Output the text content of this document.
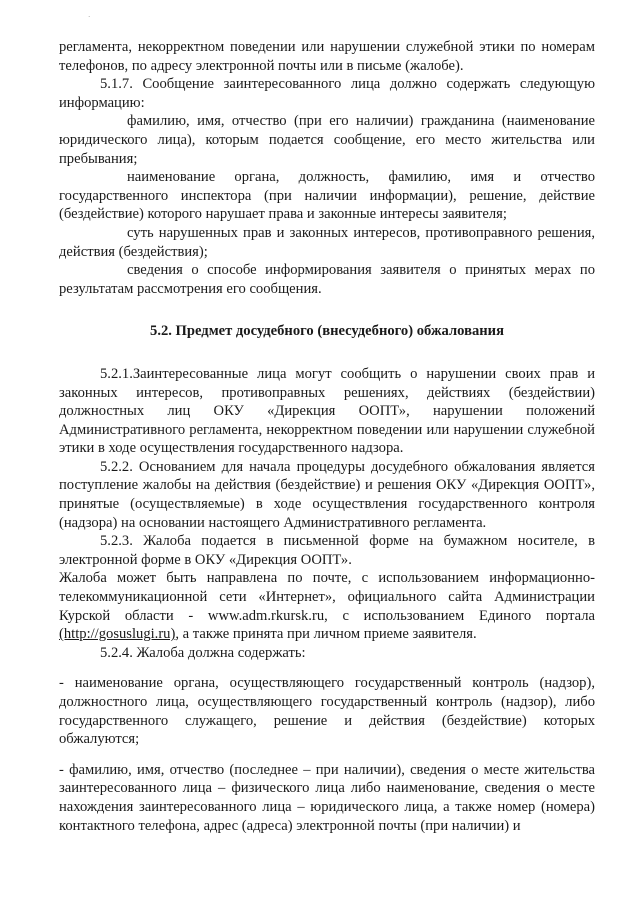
·

регламента, некорректном поведении или нарушении служебной этики по номерам телефонов, по адресу электронной почты или в письме (жалобе).

5.1.7. Сообщение заинтересованного лица должно содержать следующую информацию:

фамилию, имя, отчество (при его наличии) гражданина (наименование юридического лица), которым подается сообщение, его место жительства или пребывания;

наименование органа, должность, фамилию, имя и отчество государственного инспектора (при наличии информации), решение, действие (бездействие) которого нарушает права и законные интересы заявителя;

суть нарушенных прав и законных интересов, противоправного решения, действия (бездействия);

сведения о способе информирования заявителя о принятых мерах по результатам рассмотрения его сообщения.

5.2. Предмет досудебного (внесудебного) обжалования

5.2.1.Заинтересованные лица могут сообщить о нарушении своих прав и законных интересов, противоправных решениях, действиях (бездействии) должностных лиц ОКУ «Дирекция ООПТ», нарушении положений Административного регламента, некорректном поведении или нарушении служебной этики в ходе осуществления государственного надзора.

5.2.2. Основанием для начала процедуры досудебного обжалования является поступление жалобы на действия (бездействие) и решения ОКУ «Дирекция ООПТ», принятые (осуществляемые) в ходе осуществления государственного контроля (надзора) на основании настоящего Административного регламента.

5.2.3. Жалоба подается в письменной форме на бумажном носителе, в электронной форме в ОКУ «Дирекция ООПТ».

Жалоба может быть направлена по почте, с использованием информационно-телекоммуникационной сети «Интернет», официального сайта Администрации Курской области - www.adm.rkursk.ru, с использованием Единого портала (http://gosuslugi.ru), а также принята при личном приеме заявителя.

5.2.4. Жалоба должна содержать:

- наименование органа, осуществляющего государственный контроль (надзор), должностного лица, осуществляющего государственный контроль (надзор), либо государственного служащего, решение и действия (бездействие) которых обжалуются;

- фамилию, имя, отчество (последнее – при наличии), сведения о месте жительства заинтересованного лица – физического лица либо наименование, сведения о месте нахождения заинтересованного лица – юридического лица, а также номер (номера) контактного телефона, адрес (адреса) электронной почты (при наличии) и
